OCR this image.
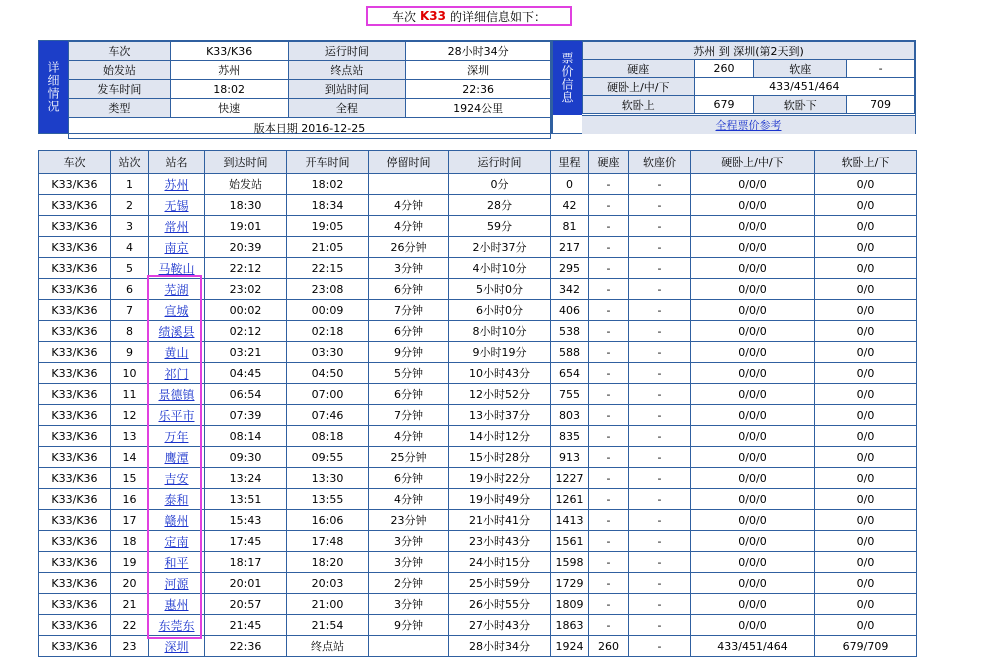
车次 K33 的详细信息如下：
详细情况
车次	K33/K36	运行时间	28小时34分
始发站	苏州	终点站	深圳
发车时间	18:02	到站时间	22:36
类型	快速	全程	1924公里
版本日期 2016-12-25			
票价信息
苏州 到 深圳(第2天到)			
硬座	260	软座	-
硬卧上/中/下	433/451/464		
软卧上	679	软卧下	709
全程票价参考
车次	站次	站名	到达时间	开车时间	停留时间	运行时间	里程	硬座	软座价	硬卧上/中/下	软卧上/下
K33/K36	1	苏州	始发站	18:02		0分	0	-	-	0/0/0	0/0
K33/K36	2	无锡	18:30	18:34	4分钟	28分	42	-	-	0/0/0	0/0
K33/K36	3	常州	19:01	19:05	4分钟	59分	81	-	-	0/0/0	0/0
K33/K36	4	南京	20:39	21:05	26分钟	2小时37分	217	-	-	0/0/0	0/0
K33/K36	5	马鞍山	22:12	22:15	3分钟	4小时10分	295	-	-	0/0/0	0/0
K33/K36	6	芜湖	23:02	23:08	6分钟	5小时0分	342	-	-	0/0/0	0/0
K33/K36	7	宣城	00:02	00:09	7分钟	6小时0分	406	-	-	0/0/0	0/0
K33/K36	8	绩溪县	02:12	02:18	6分钟	8小时10分	538	-	-	0/0/0	0/0
K33/K36	9	黄山	03:21	03:30	9分钟	9小时19分	588	-	-	0/0/0	0/0
K33/K36	10	祁门	04:45	04:50	5分钟	10小时43分	654	-	-	0/0/0	0/0
K33/K36	11	景德镇	06:54	07:00	6分钟	12小时52分	755	-	-	0/0/0	0/0
K33/K36	12	乐平市	07:39	07:46	7分钟	13小时37分	803	-	-	0/0/0	0/0
K33/K36	13	万年	08:14	08:18	4分钟	14小时12分	835	-	-	0/0/0	0/0
K33/K36	14	鹰潭	09:30	09:55	25分钟	15小时28分	913	-	-	0/0/0	0/0
K33/K36	15	吉安	13:24	13:30	6分钟	19小时22分	1227	-	-	0/0/0	0/0
K33/K36	16	泰和	13:51	13:55	4分钟	19小时49分	1261	-	-	0/0/0	0/0
K33/K36	17	赣州	15:43	16:06	23分钟	21小时41分	1413	-	-	0/0/0	0/0
K33/K36	18	定南	17:45	17:48	3分钟	23小时43分	1561	-	-	0/0/0	0/0
K33/K36	19	和平	18:17	18:20	3分钟	24小时15分	1598	-	-	0/0/0	0/0
K33/K36	20	河源	20:01	20:03	2分钟	25小时59分	1729	-	-	0/0/0	0/0
K33/K36	21	惠州	20:57	21:00	3分钟	26小时55分	1809	-	-	0/0/0	0/0
K33/K36	22	东莞东	21:45	21:54	9分钟	27小时43分	1863	-	-	0/0/0	0/0
K33/K36	23	深圳	22:36	终点站		28小时34分	1924	260	-	433/451/464	679/709
